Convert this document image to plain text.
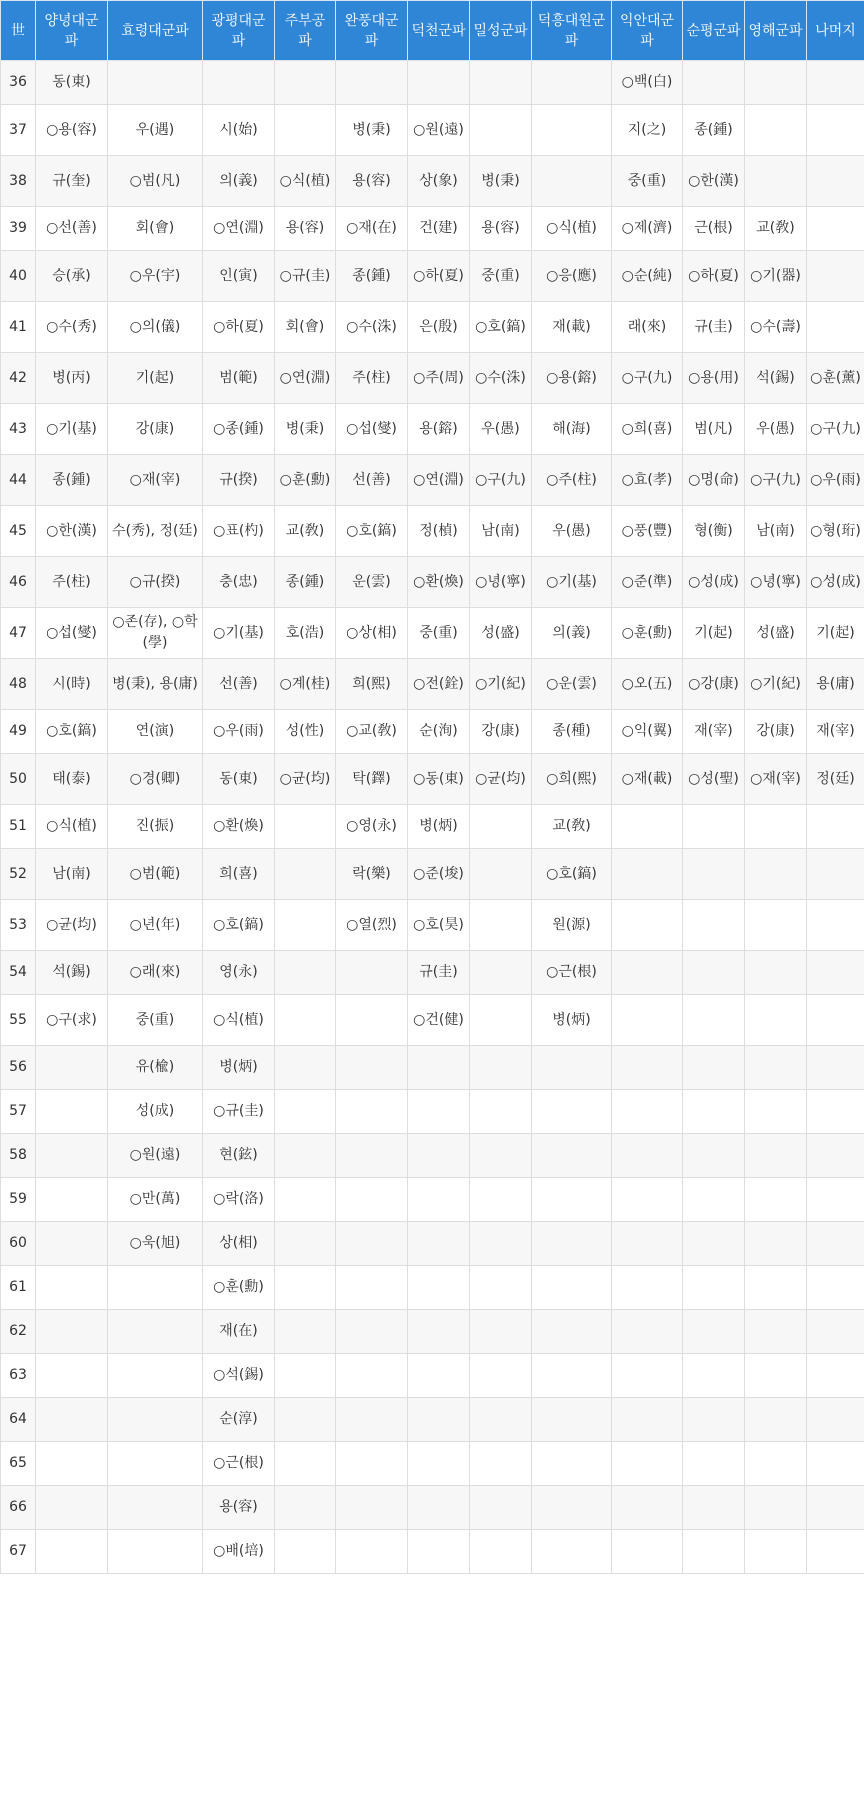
世	양녕대군파	효령대군파	광평대군파	주부공파	완풍대군파	덕천군파	밀성군파	덕흥대원군파	익안대군파	순평군파	영해군파	나머지
36	동(東)								○백(白)			
37	○용(容)	우(遇)	시(始)		병(秉)	○원(遠)			지(之)	종(鍾)		
38	규(奎)	○범(凡)	의(義)	○식(植)	용(容)	상(象)	병(秉)		중(重)	○한(漢)		
39	○선(善)	회(會)	○연(淵)	용(容)	○재(在)	건(建)	용(容)	○식(植)	○제(濟)	근(根)	교(敎)	
40	승(承)	○우(宇)	인(寅)	○규(圭)	종(鍾)	○하(夏)	중(重)	○응(應)	○순(純)	○하(夏)	○기(器)	
41	○수(秀)	○의(儀)	○하(夏)	회(會)	○수(洙)	은(殷)	○호(鎬)	재(載)	래(來)	규(圭)	○수(壽)	
42	병(丙)	기(起)	범(範)	○연(淵)	주(柱)	○주(周)	○수(洙)	○용(鎔)	○구(九)	○용(用)	석(錫)	○훈(薰)
43	○기(基)	강(康)	○종(鍾)	병(秉)	○섭(燮)	용(鎔)	우(愚)	해(海)	○희(喜)	범(凡)	우(愚)	○구(九)
44	종(鍾)	○재(宰)	규(揆)	○훈(勳)	선(善)	○연(淵)	○구(九)	○주(柱)	○효(孝)	○명(命)	○구(九)	○우(雨)
45	○한(漢)	수(秀), 정(廷)	○표(杓)	교(敎)	○호(鎬)	정(楨)	남(南)	우(愚)	○풍(豐)	형(衡)	남(南)	○형(珩)
46	주(柱)	○규(揆)	충(忠)	종(鍾)	운(雲)	○환(煥)	○녕(寧)	○기(基)	○준(準)	○성(成)	○녕(寧)	○성(成)
47	○섭(燮)	○존(存), ○학(學)	○기(基)	호(浩)	○상(相)	중(重)	성(盛)	의(義)	○훈(勳)	기(起)	성(盛)	기(起)
48	시(時)	병(秉), 용(庸)	선(善)	○계(桂)	희(熙)	○전(銓)	○기(紀)	○운(雲)	○오(五)	○강(康)	○기(紀)	용(庸)
49	○호(鎬)	연(演)	○우(雨)	성(性)	○교(敎)	순(洵)	강(康)	종(種)	○익(翼)	재(宰)	강(康)	재(宰)
50	태(泰)	○경(卿)	동(東)	○균(均)	탁(鐸)	○동(東)	○균(均)	○희(熙)	○재(載)	○성(聖)	○재(宰)	정(廷)
51	○식(植)	진(振)	○환(煥)		○영(永)	병(炳)		교(敎)				
52	남(南)	○범(範)	희(喜)		락(樂)	○준(埈)		○호(鎬)				
53	○균(均)	○년(年)	○호(鎬)		○열(烈)	○호(昊)		원(源)				
54	석(錫)	○래(來)	영(永)			규(圭)		○근(根)				
55	○구(求)	중(重)	○식(植)			○건(健)		병(炳)				
56		유(楡)	병(炳)									
57		성(成)	○규(圭)									
58		○원(遠)	현(鉉)									
59		○만(萬)	○락(洛)									
60		○욱(旭)	상(相)									
61			○훈(勳)									
62			재(在)									
63			○석(錫)									
64			순(淳)									
65			○근(根)									
66			용(容)									
67			○배(培)									
